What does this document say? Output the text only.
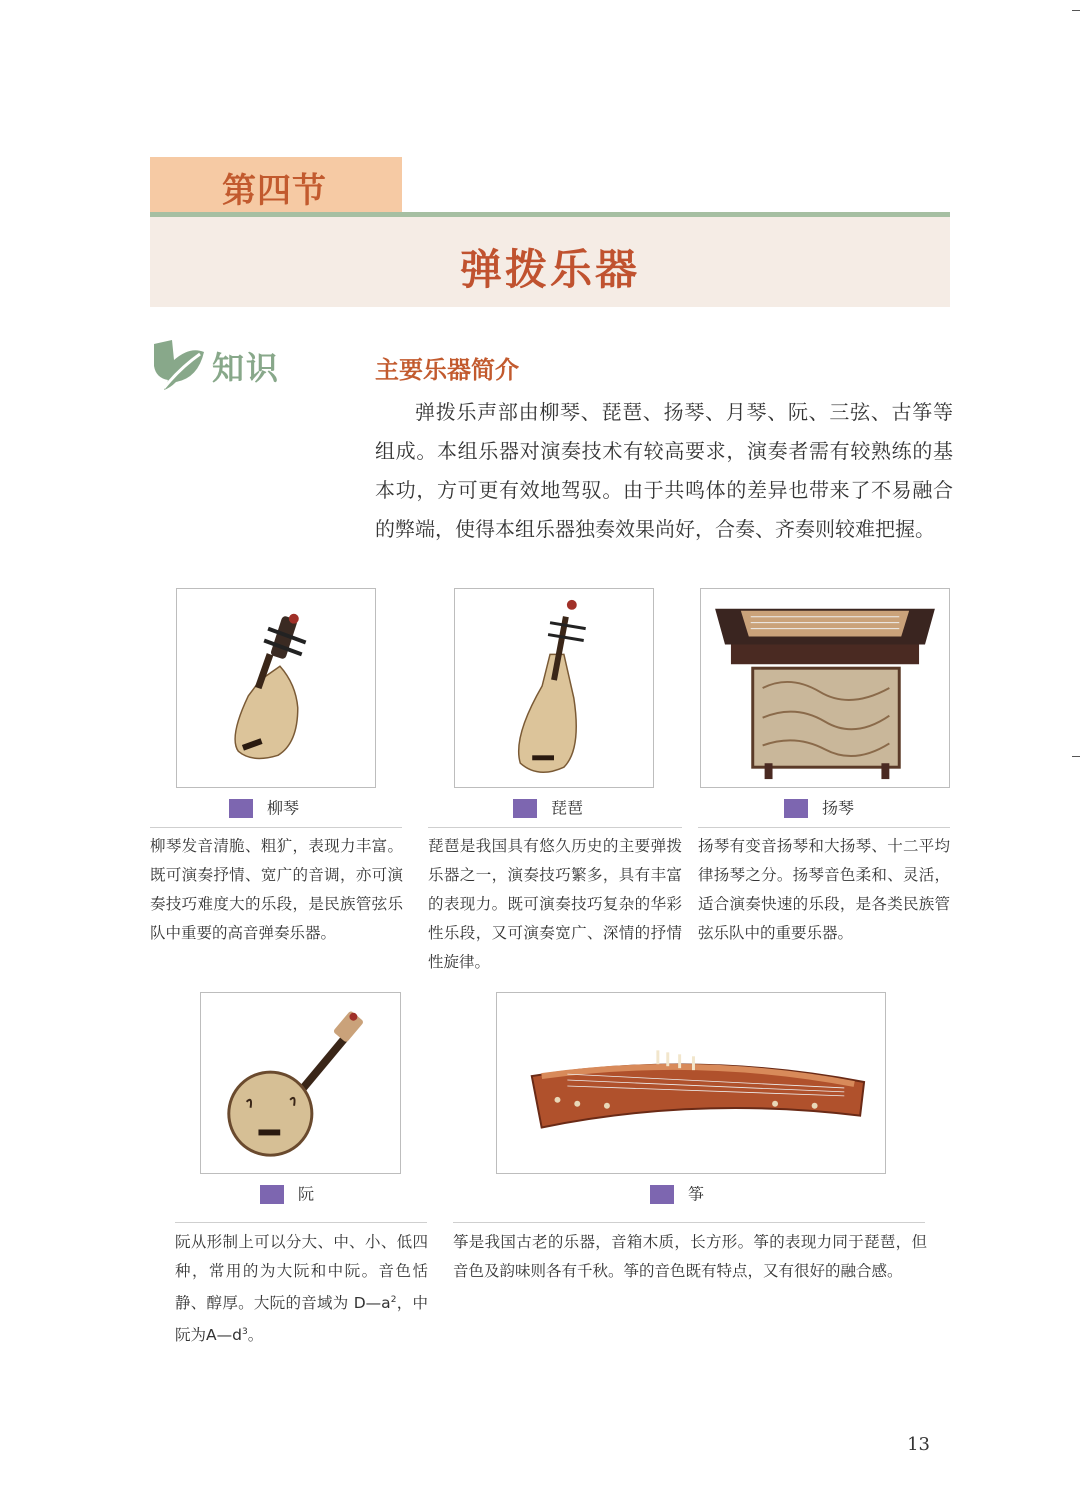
第四节
弹拨乐器
知识	主要乐器简介
弹拨乐声部由柳琴、琵琶、扬琴、月琴、阮、三弦、古筝等组成。本组乐器对演奏技术有较高要求，演奏者需有较熟练的基本功，方可更有效地驾驭。由于共鸣体的差异也带来了不易融合的弊端，使得本组乐器独奏效果尚好，合奏、齐奏则较难把握。
柳琴
柳琴发音清脆、粗犷，表现力丰富。既可演奏抒情、宽广的音调，亦可演奏技巧难度大的乐段，是民族管弦乐队中重要的高音弹奏乐器。
琵琶
琵琶是我国具有悠久历史的主要弹拨乐器之一，演奏技巧繁多，具有丰富的表现力。既可演奏技巧复杂的华彩性乐段，又可演奏宽广、深情的抒情性旋律。
扬琴
扬琴有变音扬琴和大扬琴、十二平均律扬琴之分。扬琴音色柔和、灵活，适合演奏快速的乐段，是各类民族管弦乐队中的重要乐器。
阮
阮从形制上可以分大、中、小、低四种，常用的为大阮和中阮。音色恬静、醇厚。大阮的音域为 $D—a^2$，中阮为$A—d^3$。
筝
筝是我国古老的乐器，音箱木质，长方形。筝的表现力同于琵琶，但音色及韵味则各有千秋。筝的音色既有特点，又有很好的融合感。
13
